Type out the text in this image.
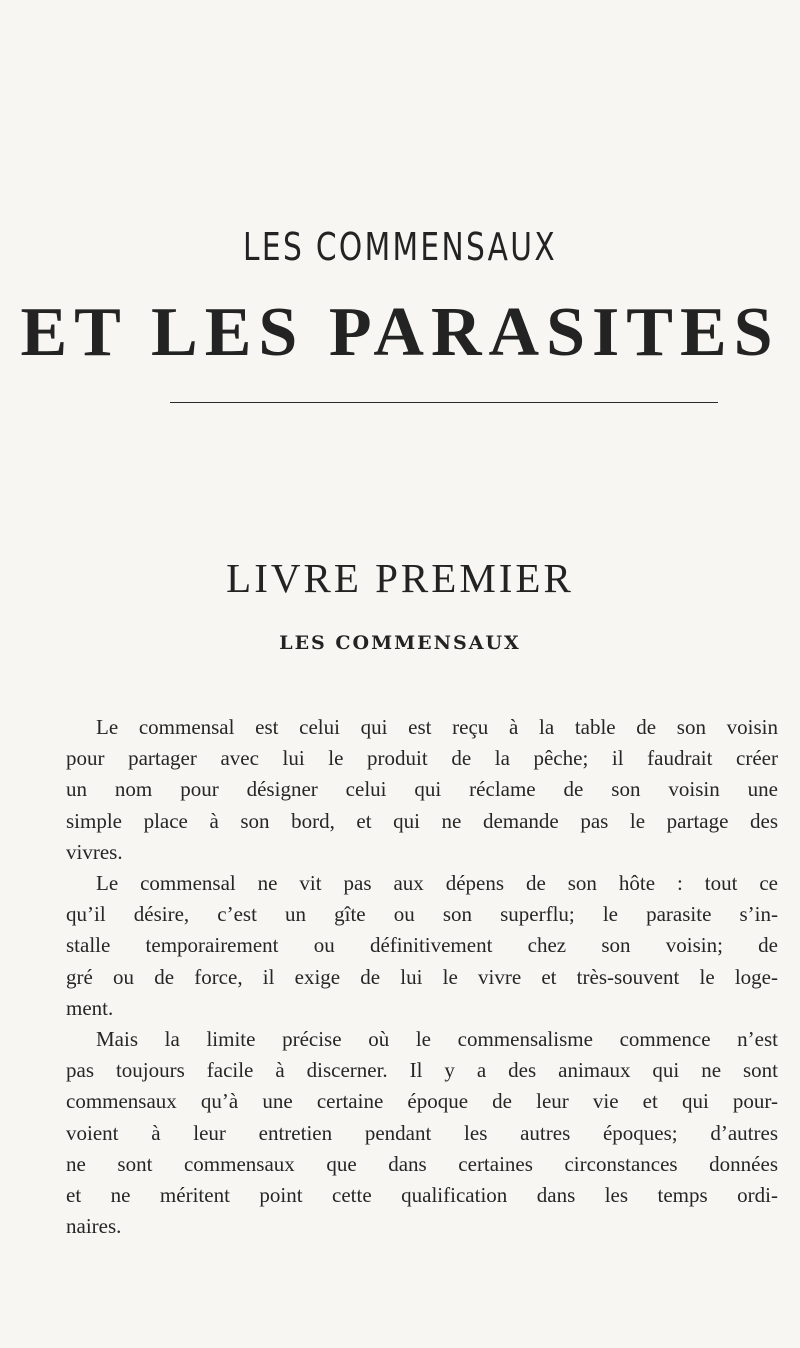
LES COMMENSAUX
ET LES PARASITES
LIVRE PREMIER
LES COMMENSAUX

Le commensal est celui qui est reçu à la table de son voisin
pour partager avec lui le produit de la pêche; il faudrait créer
un nom pour désigner celui qui réclame de son voisin une
simple place à son bord, et qui ne demande pas le partage des
vivres.

Le commensal ne vit pas aux dépens de son hôte : tout ce
qu’il désire, c’est un gîte ou son superflu; le parasite s’in-
stalle temporairement ou définitivement chez son voisin; de
gré ou de force, il exige de lui le vivre et très-souvent le loge-
ment.

Mais la limite précise où le commensalisme commence n’est
pas toujours facile à discerner. Il y a des animaux qui ne sont
commensaux qu’à une certaine époque de leur vie et qui pour-
voient à leur entretien pendant les autres époques; d’autres
ne sont commensaux que dans certaines circonstances données
et ne méritent point cette qualification dans les temps ordi-
naires.
